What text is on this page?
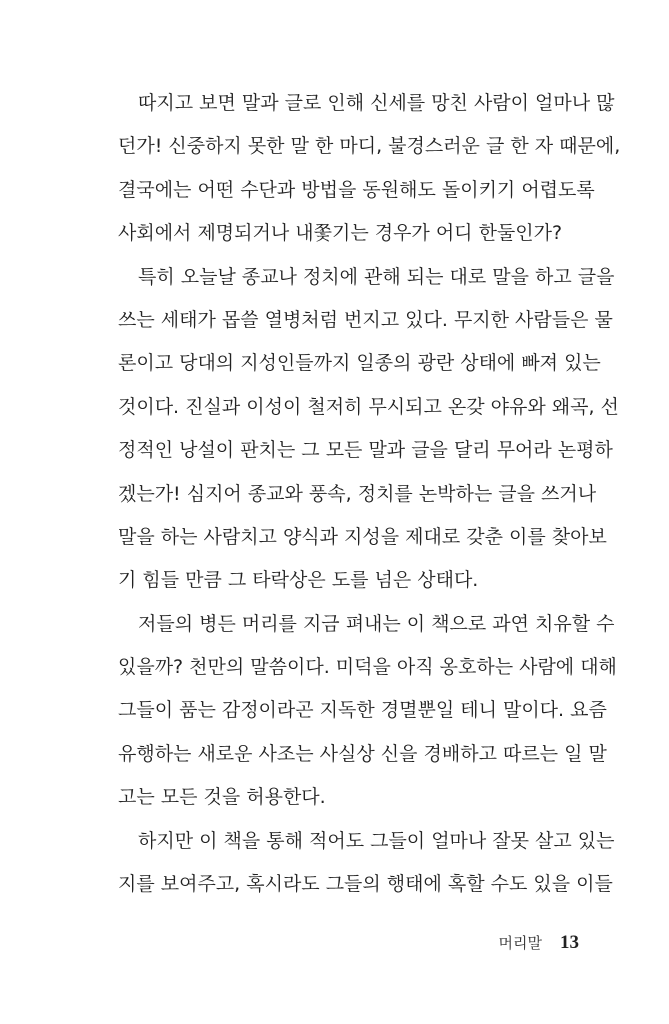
따지고 보면 말과 글로 인해 신세를 망친 사람이 얼마나 많
던가! 신중하지 못한 말 한 마디, 불경스러운 글 한 자 때문에,
결국에는 어떤 수단과 방법을 동원해도 돌이키기 어렵도록
사회에서 제명되거나 내쫓기는 경우가 어디 한둘인가?
특히 오늘날 종교나 정치에 관해 되는 대로 말을 하고 글을
쓰는 세태가 몹쓸 열병처럼 번지고 있다. 무지한 사람들은 물
론이고 당대의 지성인들까지 일종의 광란 상태에 빠져 있는
것이다. 진실과 이성이 철저히 무시되고 온갖 야유와 왜곡, 선
정적인 낭설이 판치는 그 모든 말과 글을 달리 무어라 논평하
겠는가! 심지어 종교와 풍속, 정치를 논박하는 글을 쓰거나
말을 하는 사람치고 양식과 지성을 제대로 갖춘 이를 찾아보
기 힘들 만큼 그 타락상은 도를 넘은 상태다.
저들의 병든 머리를 지금 펴내는 이 책으로 과연 치유할 수
있을까? 천만의 말씀이다. 미덕을 아직 옹호하는 사람에 대해
그들이 품는 감정이라곤 지독한 경멸뿐일 테니 말이다. 요즘
유행하는 새로운 사조는 사실상 신을 경배하고 따르는 일 말
고는 모든 것을 허용한다.
하지만 이 책을 통해 적어도 그들이 얼마나 잘못 살고 있는
지를 보여주고, 혹시라도 그들의 행태에 혹할 수도 있을 이들
머리말 13
